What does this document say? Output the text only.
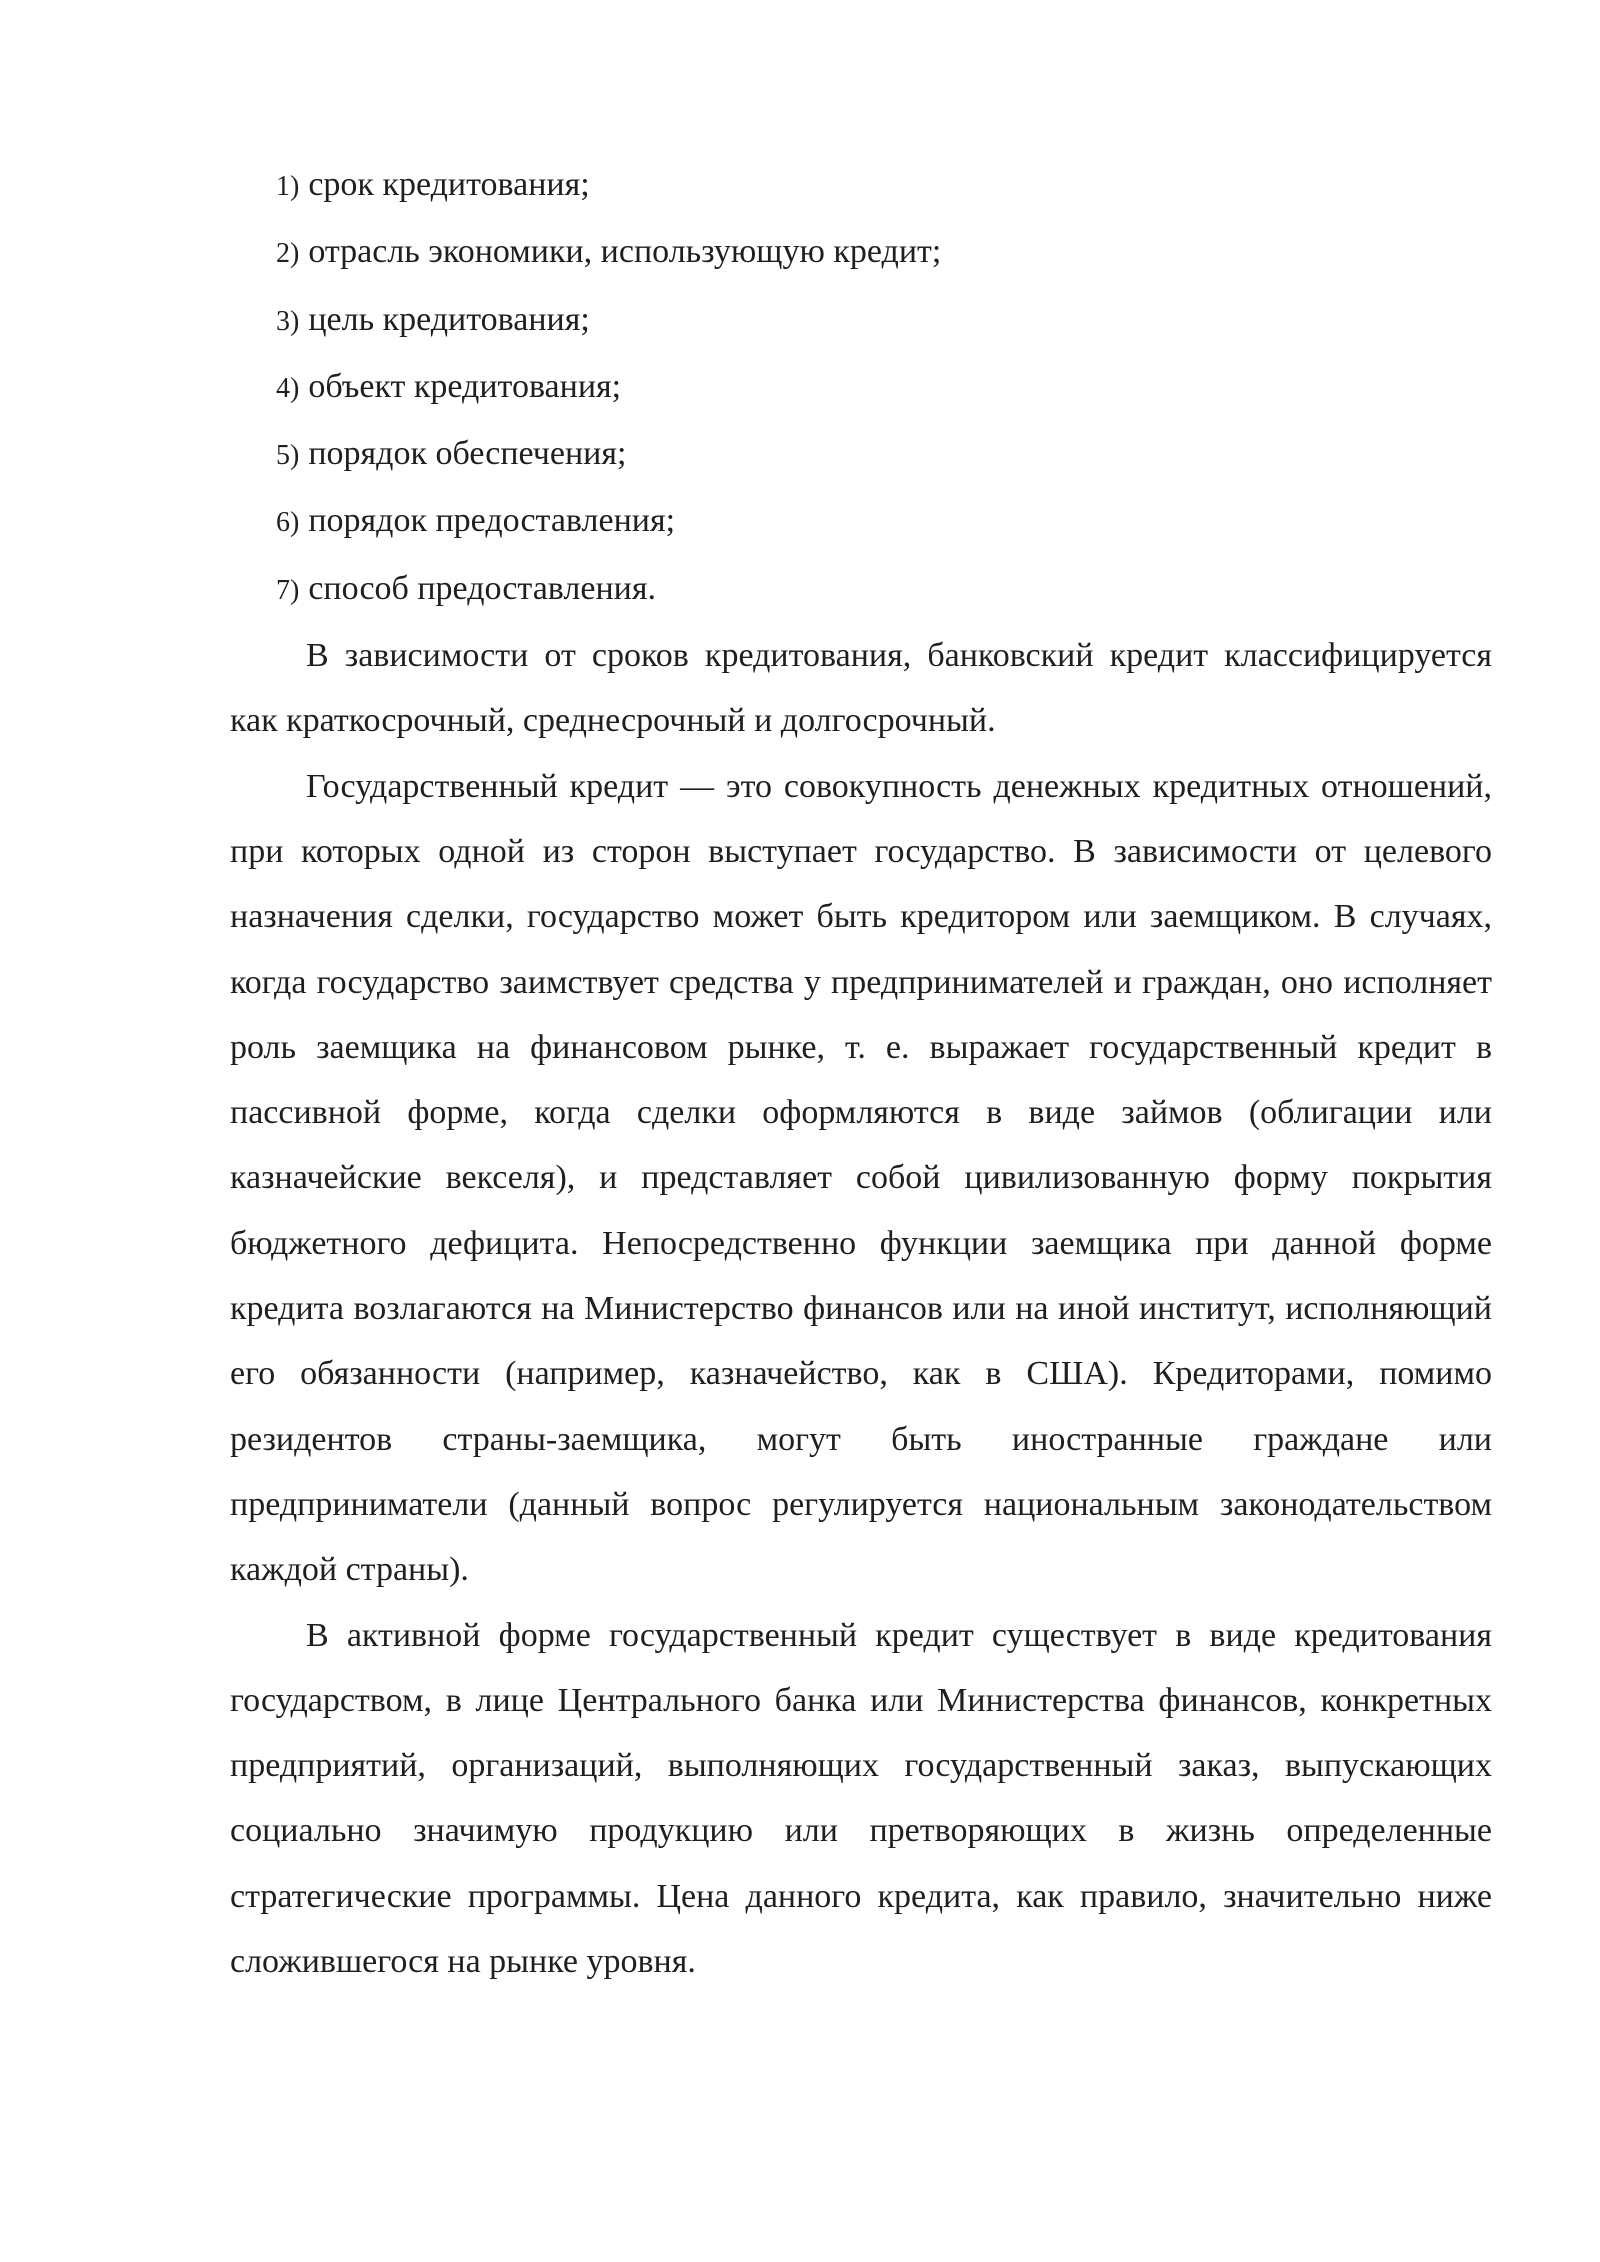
1) срок кредитования;
2) отрасль экономики, использующую кредит;
3) цель кредитования;
4) объект кредитования;
5) порядок обеспечения;
6) порядок предоставления;
7) способ предоставления.

В зависимости от сроков кредитования, банковский кредит классифицируется как краткосрочный, среднесрочный и долгосрочный.

Государственный кредит — это совокупность денежных кредитных отношений, при которых одной из сторон выступает государство. В зависимости от целевого назначения сделки, государство может быть кредитором или заемщиком. В случаях, когда государство заимствует средства у предпринимателей и граждан, оно исполняет роль заемщика на финансовом рынке, т. е. выражает государственный кредит в пассивной форме, когда сделки оформляются в виде займов (облигации или казначейские векселя), и представляет собой цивилизованную форму покрытия бюджетного дефицита. Непосредственно функции заемщика при данной форме кредита возлагаются на Министерство финансов или на иной институт, исполняющий его обязанности (например, казначейство, как в США). Кредиторами, помимо резидентов страны-заемщика, могут быть иностранные граждане или предприниматели (данный вопрос регулируется национальным законодательством каждой страны).

В активной форме государственный кредит существует в виде кредитования государством, в лице Центрального банка или Министерства финансов, конкретных предприятий, организаций, выполняющих государственный заказ, выпускающих социально значимую продукцию или претворяющих в жизнь определенные стратегические программы. Цена данного кредита, как правило, значительно ниже сложившегося на рынке уровня.
